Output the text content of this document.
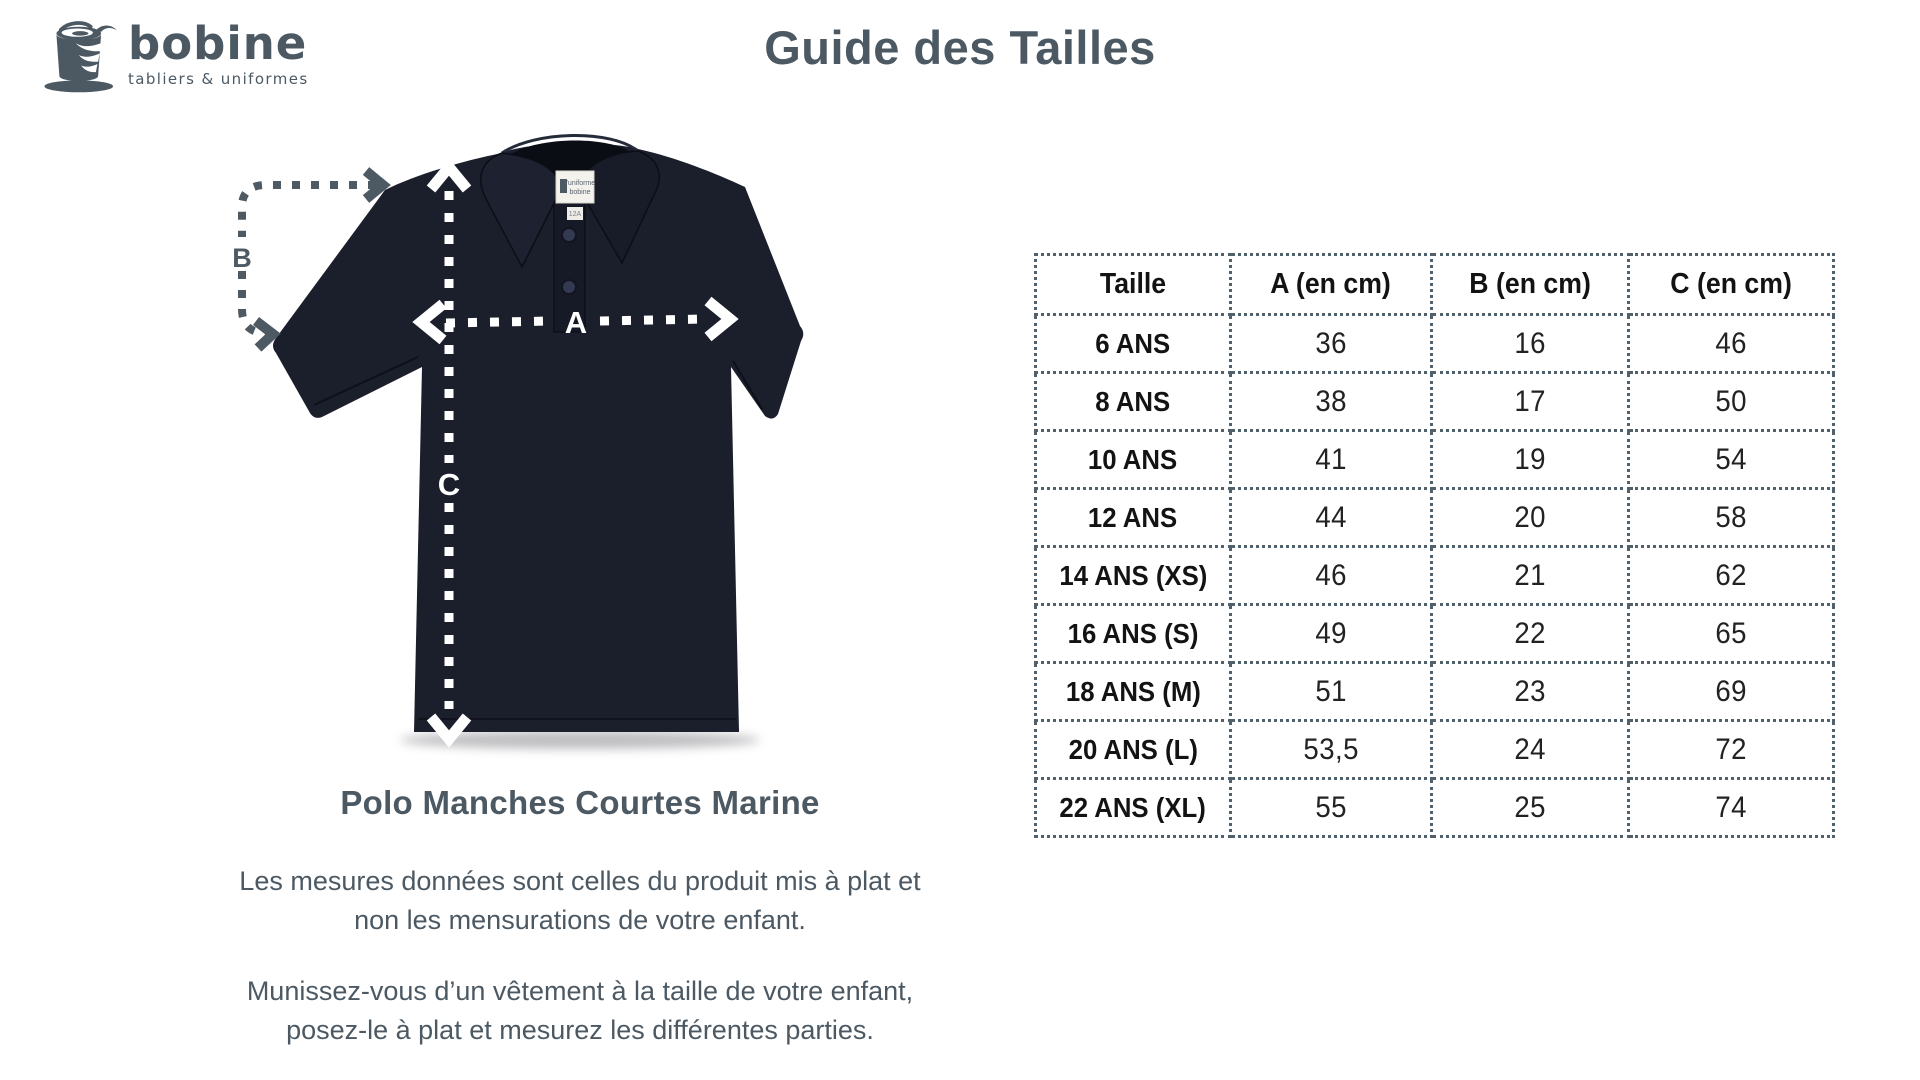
bobine
tabliers & uniformes
Guide des Tailles
l’uniforme
bobine
12A
B
C
A
Polo Manches Courtes Marine
Les mesures données sont celles du produit mis à plat et
non les mensurations de votre enfant.
Munissez-vous d’un vêtement à la taille de votre enfant,
posez-le à plat et mesurez les différentes parties.
Taille	A (en cm)	B (en cm)	C (en cm)
6 ANS	36	16	46
8 ANS	38	17	50
10 ANS	41	19	54
12 ANS	44	20	58
14 ANS (XS)	46	21	62
16 ANS (S)	49	22	65
18 ANS (M)	51	23	69
20 ANS (L)	53,5	24	72
22 ANS (XL)	55	25	74
